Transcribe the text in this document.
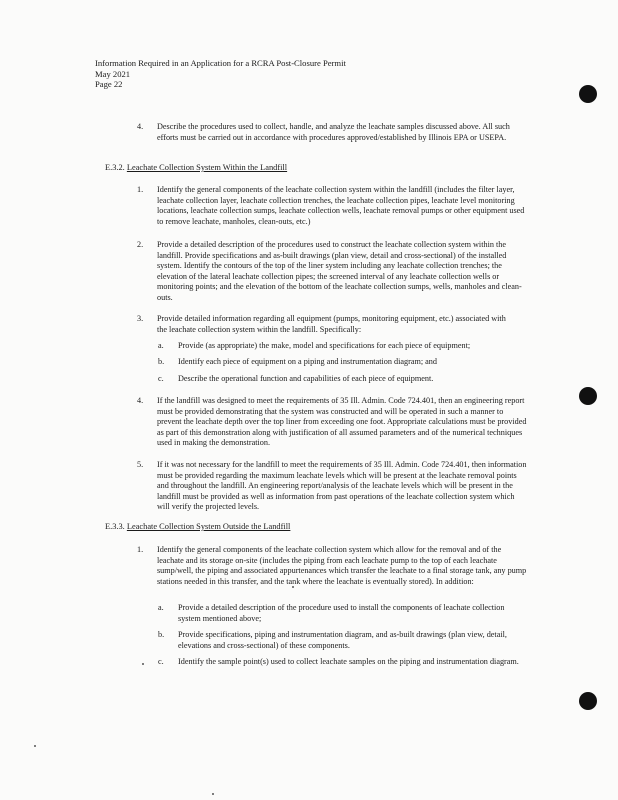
Information Required in an Application for a RCRA Post-Closure Permit
May 2021
Page 22
4. Describe the procedures used to collect, handle, and analyze the leachate samples discussed above. All such efforts must be carried out in accordance with procedures approved/established by Illinois EPA or USEPA.
E.3.2. Leachate Collection System Within the Landfill
1. Identify the general components of the leachate collection system within the landfill (includes the filter layer, leachate collection layer, leachate collection trenches, the leachate collection pipes, leachate level monitoring locations, leachate collection sumps, leachate collection wells, leachate removal pumps or other equipment used to remove leachate, manholes, clean-outs, etc.)
2. Provide a detailed description of the procedures used to construct the leachate collection system within the landfill. Provide specifications and as-built drawings (plan view, detail and cross-sectional) of the installed system. Identify the contours of the top of the liner system including any leachate collection trenches; the elevation of the lateral leachate collection pipes; the screened interval of any leachate collection wells or monitoring points; and the elevation of the bottom of the leachate collection sumps, wells, manholes and clean-outs.
3. Provide detailed information regarding all equipment (pumps, monitoring equipment, etc.) associated with the leachate collection system within the landfill. Specifically:
a. Provide (as appropriate) the make, model and specifications for each piece of equipment;
b. Identify each piece of equipment on a piping and instrumentation diagram; and
c. Describe the operational function and capabilities of each piece of equipment.
4. If the landfill was designed to meet the requirements of 35 Ill. Admin. Code 724.401, then an engineering report must be provided demonstrating that the system was constructed and will be operated in such a manner to prevent the leachate depth over the top liner from exceeding one foot. Appropriate calculations must be provided as part of this demonstration along with justification of all assumed parameters and of the numerical techniques used in making the demonstration.
5. If it was not necessary for the landfill to meet the requirements of 35 Ill. Admin. Code 724.401, then information must be provided regarding the maximum leachate levels which will be present at the leachate removal points and throughout the landfill. An engineering report/analysis of the leachate levels which will be present in the landfill must be provided as well as information from past operations of the leachate collection system which will verify the projected levels.
E.3.3. Leachate Collection System Outside the Landfill
1. Identify the general components of the leachate collection system which allow for the removal and of the leachate and its storage on-site (includes the piping from each leachate pump to the top of each leachate sump/well, the piping and associated appurtenances which transfer the leachate to a final storage tank, any pump stations needed in this transfer, and the tank where the leachate is eventually stored). In addition:
a. Provide a detailed description of the procedure used to install the components of leachate collection system mentioned above;
b. Provide specifications, piping and instrumentation diagram, and as-built drawings (plan view, detail, elevations and cross-sectional) of these components.
c. Identify the sample point(s) used to collect leachate samples on the piping and instrumentation diagram.
